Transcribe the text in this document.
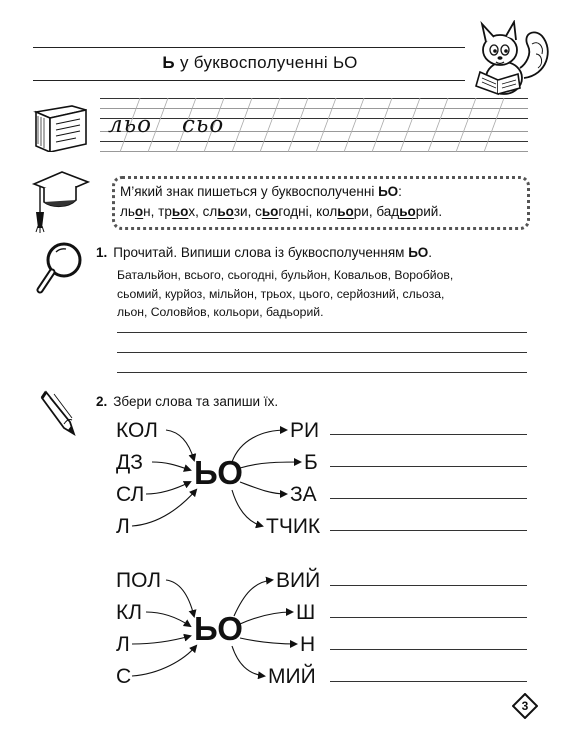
Ь у буквосполученні ЬО
льо сьо
М’який знак пишеться у буквосполученні ЬО:
льон, трьох, сльози, сьогодні, кольори, бадьорий.
1. Прочитай. Випиши слова із буквосполученням ЬО.
Батальйон, всього, сьогодні, бульйон, Ковальов, Воробйов,
сьомий, курйоз, мільйон, трьох, цього, серйозний, сльоза,
льон, Соловйов, кольори, бадьорий.
2. Збери слова та запиши їх.
КОЛ
ДЗ
СЛ
Л
ЬО
РИ
Б
ЗА
ТЧИК
ПОЛ
КЛ
Л
С
ЬО
ВИЙ
Ш
Н
МИЙ
3
